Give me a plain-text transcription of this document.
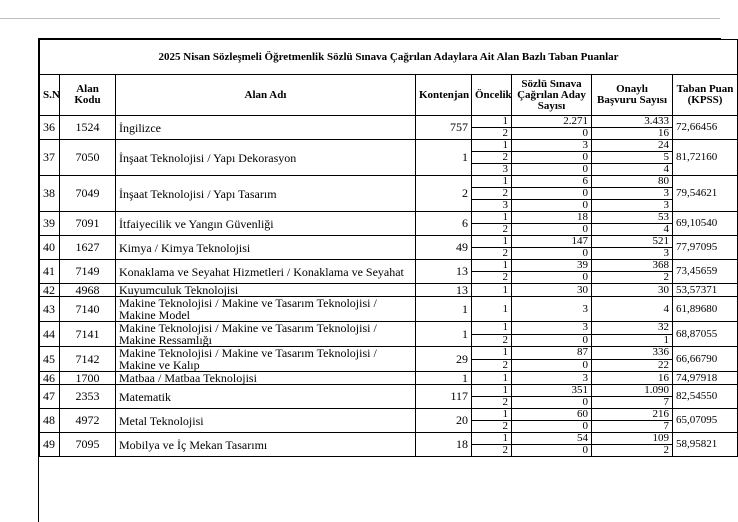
2025 Nisan Sözleşmeli Öğretmenlik Sözlü Sınava Çağrılan Adaylara Ait Alan Bazlı Taban Puanlar							
S.N	Alan Kodu	Alan Adı	Kontenjan	Öncelik	Sözlü Sınava Çağrılan Aday Sayısı	Onaylı Başvuru Sayısı	Taban Puan (KPSS)
36	1524	İngilizce	757	1	2.271	3.433	72,66456
				2	0	16	
37	7050	İnşaat Teknolojisi / Yapı Dekorasyon	1	1	3	24	81,72160
				2	0	5	
				3	0	4	
38	7049	İnşaat Teknolojisi / Yapı Tasarım	2	1	6	80	79,54621
				2	0	3	
				3	0	3	
39	7091	İtfaiyecilik ve Yangın Güvenliği	6	1	18	53	69,10540
				2	0	4	
40	1627	Kimya / Kimya Teknolojisi	49	1	147	521	77,97095
				2	0	3	
41	7149	Konaklama ve Seyahat Hizmetleri / Konaklama ve Seyahat	13	1	39	368	73,45659
				2	0	2	
42	4968	Kuyumculuk Teknolojisi	13	1	30	30	53,57371
43	7140	Makine Teknolojisi / Makine ve Tasarım Teknolojisi / Makine Model	1	1	3	4	61,89680
44	7141	Makine Teknolojisi / Makine ve Tasarım Teknolojisi / Makine Ressamlığı	1	1	3	32	68,87055
				2	0	1	
45	7142	Makine Teknolojisi / Makine ve Tasarım Teknolojisi / Makine ve Kalıp	29	1	87	336	66,66790
				2	0	22	
46	1700	Matbaa / Matbaa Teknolojisi	1	1	3	16	74,97918
47	2353	Matematik	117	1	351	1.090	82,54550
				2	0	7	
48	4972	Metal Teknolojisi	20	1	60	216	65,07095
				2	0	7	
49	7095	Mobilya ve İç Mekan Tasarımı	18	1	54	109	58,95821
				2	0	2	
